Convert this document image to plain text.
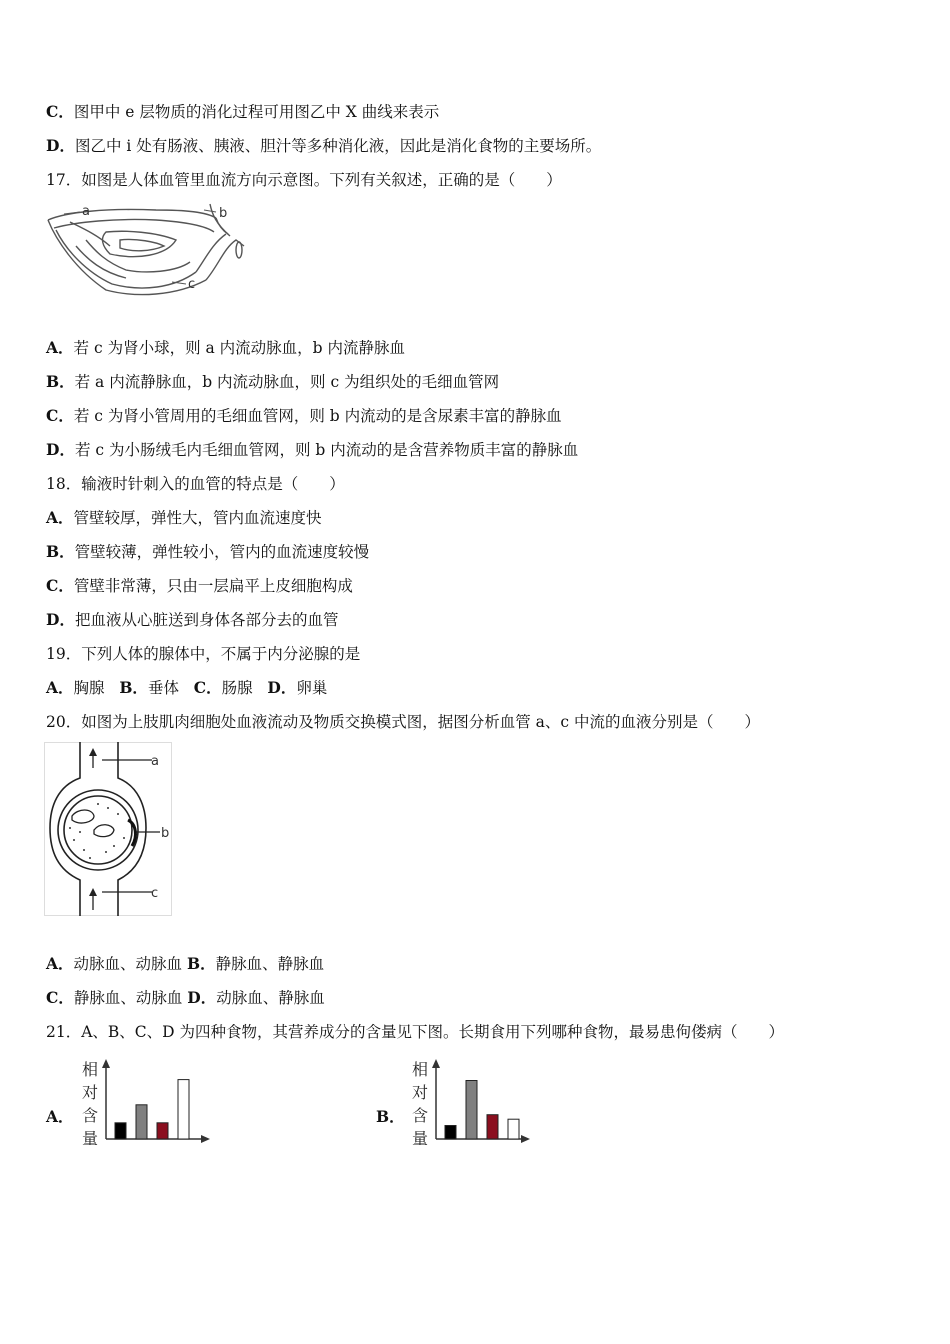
C．图甲中 e 层物质的消化过程可用图乙中 X 曲线来表示
D．图乙中 i 处有肠液、胰液、胆汁等多种消化液，因此是消化食物的主要场所。
17．如图是人体血管里血流方向示意图。下列有关叙述，正确的是（　　）
a	b
c
A．若 c 为肾小球，则 a 内流动脉血，b 内流静脉血
B．若 a 内流静脉血，b 内流动脉血，则 c 为组织处的毛细血管网
C．若 c 为肾小管周用的毛细血管网，则 b 内流动的是含尿素丰富的静脉血
D．若 c 为小肠绒毛内毛细血管网，则 b 内流动的是含营养物质丰富的静脉血
18．输液时针刺入的血管的特点是（　　）
A．管壁较厚，弹性大，管内血流速度快
B．管壁较薄，弹性较小，管内的血流速度较慢
C．管壁非常薄，只由一层扁平上皮细胞构成
D．把血液从心脏送到身体各部分去的血管
19．下列人体的腺体中，不属于内分泌腺的是
A．胸腺 B．垂体 C．肠腺 D．卵巢
20．如图为上肢肌肉细胞处血液流动及物质交换模式图，据图分析血管 a、c 中流的血液分别是（　　）
a
b
c
A．动脉血、动脉血 B．静脉血、静脉血
C．静脉血、动脉血 D．动脉血、静脉血
21．A、B、C、D 为四种食物，其营养成分的含量见下图。长期食用下列哪种食物，最易患佝偻病（　　）
A．
相
对
含
量
B．
相
对
含
量
